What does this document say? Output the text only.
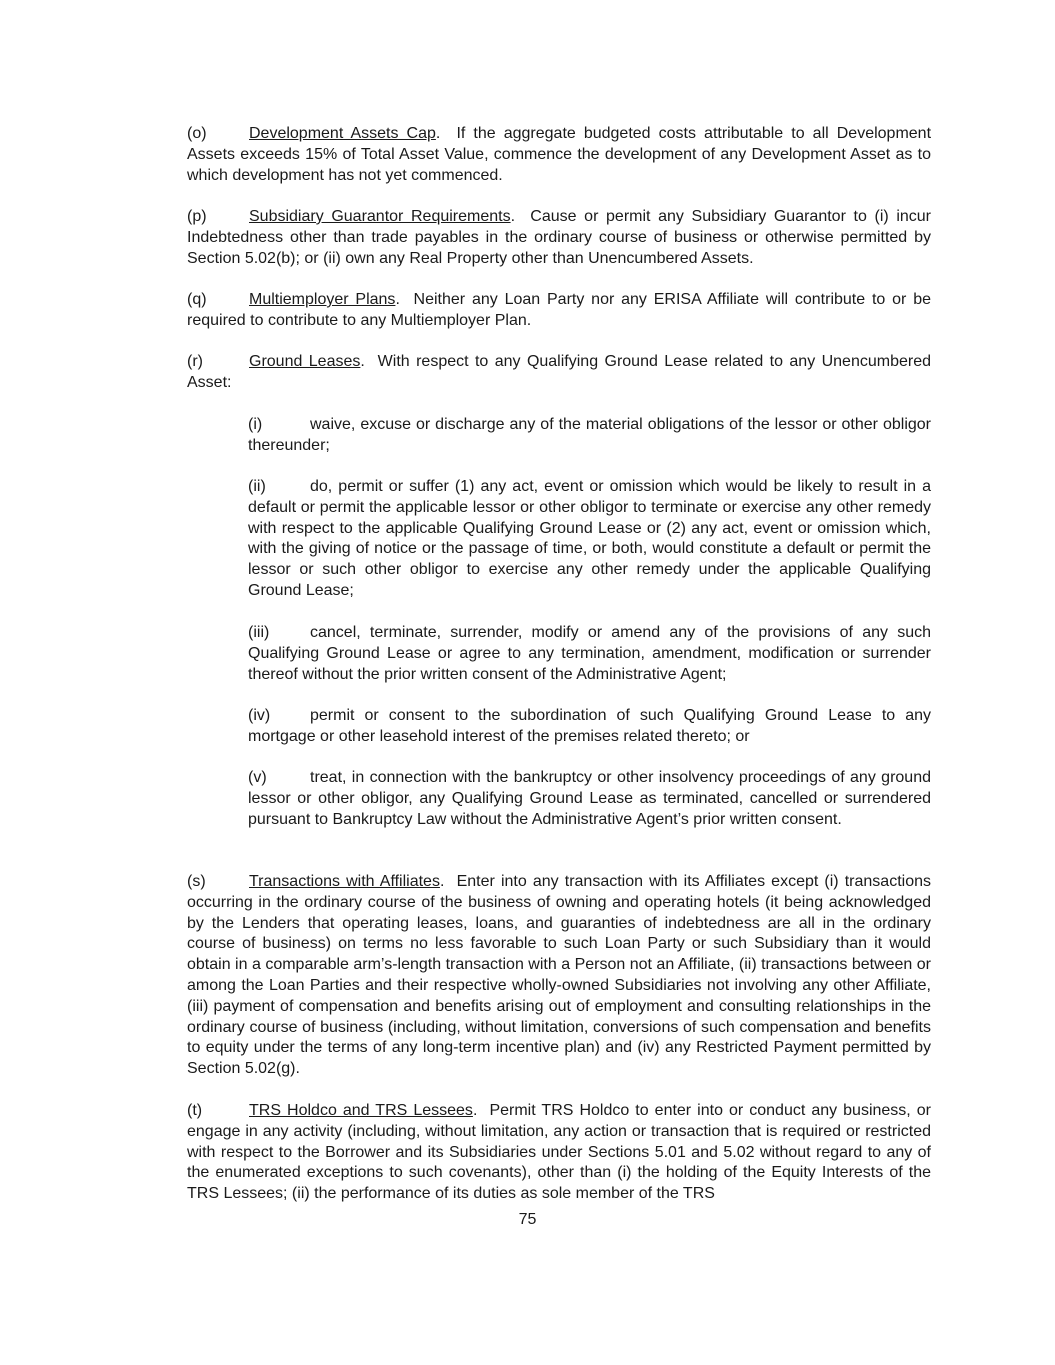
(o)	Development Assets Cap.  If the aggregate budgeted costs attributable to all Development Assets exceeds 15% of Total Asset Value, commence the development of any Development Asset as to which development has not yet commenced.

(p)	Subsidiary Guarantor Requirements.  Cause or permit any Subsidiary Guarantor to (i) incur Indebtedness other than trade payables in the ordinary course of business or otherwise permitted by Section 5.02(b); or (ii) own any Real Property other than Unencumbered Assets.

(q)	Multiemployer Plans.  Neither any Loan Party nor any ERISA Affiliate will contribute to or be required to contribute to any Multiemployer Plan.

(r)	Ground Leases.  With respect to any Qualifying Ground Lease related to any Unencumbered Asset:

(i)	waive, excuse or discharge any of the material obligations of the lessor or other obligor thereunder;

(ii)	do, permit or suffer (1) any act, event or omission which would be likely to result in a default or permit the applicable lessor or other obligor to terminate or exercise any other remedy with respect to the applicable Qualifying Ground Lease or (2) any act, event or omission which, with the giving of notice or the passage of time, or both, would constitute a default or permit the lessor or such other obligor to exercise any other remedy under the applicable Qualifying Ground Lease;

(iii)	cancel, terminate, surrender, modify or amend any of the provisions of any such Qualifying Ground Lease or agree to any termination, amendment, modification or surrender thereof without the prior written consent of the Administrative Agent;

(iv) permit or consent to the subordination of such Qualifying Ground Lease to any mortgage or other leasehold interest of the premises related thereto; or

(v)	treat, in connection with the bankruptcy or other insolvency proceedings of any ground lessor or other obligor, any Qualifying Ground Lease as terminated, cancelled or surrendered pursuant to Bankruptcy Law without the Administrative Agent’s prior written consent.

(s)	Transactions with Affiliates.  Enter into any transaction with its Affiliates except (i) transactions occurring in the ordinary course of the business of owning and operating hotels (it being acknowledged by the Lenders that operating leases, loans, and guaranties of indebtedness are all in the ordinary course of business) on terms no less favorable to such Loan Party or such Subsidiary than it would obtain in a comparable arm’s-length transaction with a Person not an Affiliate, (ii) transactions between or among the Loan Parties and their respective wholly-owned Subsidiaries not involving any other Affiliate, (iii) payment of compensation and benefits arising out of employment and consulting relationships in the ordinary course of business (including, without limitation, conversions of such compensation and benefits to equity under the terms of any long-term incentive plan) and (iv) any Restricted Payment permitted by Section 5.02(g).

(t)	TRS Holdco and TRS Lessees.  Permit TRS Holdco to enter into or conduct any business, or engage in any activity (including, without limitation, any action or transaction that is required or restricted with respect to the Borrower and its Subsidiaries under Sections 5.01 and 5.02 without regard to any of the enumerated exceptions to such covenants), other than (i) the holding of the Equity Interests of the TRS Lessees; (ii) the performance of its duties as sole member of the TRS

75
